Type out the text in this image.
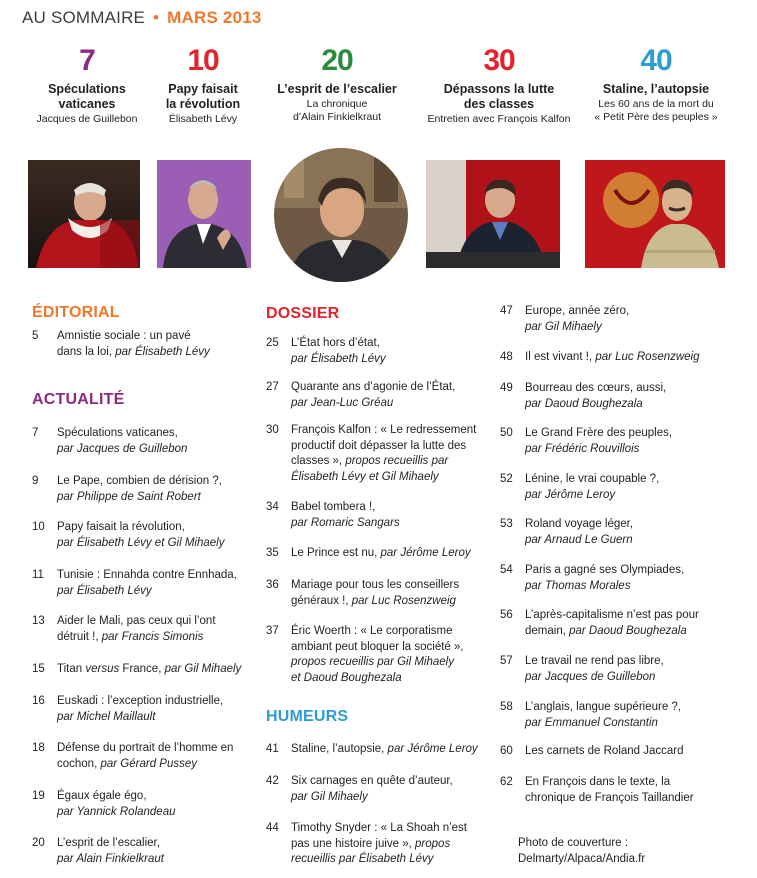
AU SOMMAIRE • MARS 2013
7
Spéculations
vaticanes
Jacques de Guillebon
10
Papy faisait
la révolution
Élisabeth Lévy
20
L’esprit de l’escalier
La chronique
d’Alain Finkielkraut
30
Dépassons la lutte
des classes
Entretien avec François Kalfon
40
Staline, l’autopsie
Les 60 ans de la mort du
« Petit Père des peuples »
ÉDITORIAL
ACTUALITÉ
DOSSIER
HUMEURS
5 Amnistie sociale : un pavé
dans la loi, par Élisabeth Lévy
7 Spéculations vaticanes,
par Jacques de Guillebon
9 Le Pape, combien de dérision ?,
par Philippe de Saint Robert
10 Papy faisait la révolution,
par Élisabeth Lévy et Gil Mihaely
11 Tunisie : Ennahda contre Ennhada,
par Élisabeth Lévy
13 Aider le Mali, pas ceux qui l’ont
détruit !, par Francis Simonis
15 Titan versus France, par Gil Mihaely
16 Euskadi : l’exception industrielle,
par Michel Maillault
18 Défense du portrait de l’homme en
cochon, par Gérard Pussey
19 Égaux égale égo,
par Yannick Rolandeau
20 L’esprit de l’escalier,
par Alain Finkielkraut
25 L’État hors d’état,
par Élisabeth Lévy
27 Quarante ans d’agonie de l’État,
par Jean-Luc Gréau
30 François Kalfon : « Le redressement
productif doit dépasser la lutte des
classes », propos recueillis par
Élisabeth Lévy et Gil Mihaely
34 Babel tombera !,
par Romaric Sangars
35 Le Prince est nu, par Jérôme Leroy
36 Mariage pour tous les conseillers
généraux !, par Luc Rosenzweig
37 Éric Woerth : « Le corporatisme
ambiant peut bloquer la société »,
propos recueillis par Gil Mihaely
et Daoud Boughezala
41 Staline, l’autopsie, par Jérôme Leroy
42 Six carnages en quête d’auteur,
par Gil Mihaely
44 Timothy Snyder : « La Shoah n’est
pas une histoire juive », propos
recueillis par Élisabeth Lévy
47 Europe, année zéro,
par Gil Mihaely
48 Il est vivant !, par Luc Rosenzweig
49 Bourreau des cœurs, aussi,
par Daoud Boughezala
50 Le Grand Frère des peuples,
par Frédéric Rouvillois
52 Lénine, le vrai coupable ?,
par Jérôme Leroy
53 Roland voyage léger,
par Arnaud Le Guern
54 Paris a gagné ses Olympiades,
par Thomas Morales
56 L’après-capitalisme n’est pas pour
demain, par Daoud Boughezala
57 Le travail ne rend pas libre,
par Jacques de Guillebon
58 L’anglais, langue supérieure ?,
par Emmanuel Constantin
60 Les carnets de Roland Jaccard
62 En François dans le texte, la
chronique de François Taillandier
Photo de couverture :
Delmarty/Alpaca/Andia.fr
